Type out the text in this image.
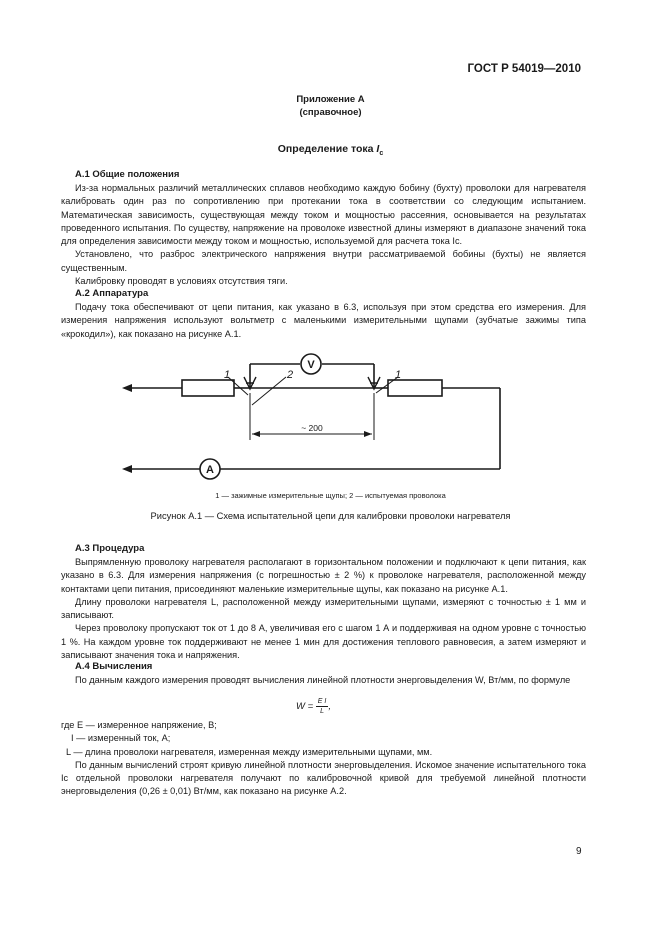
ГОСТ Р 54019—2010
Приложение А
(справочное)
Определение тока $I_с$
А.1 Общие положения

Из-за нормальных различий металлических сплавов необходимо каждую бобину (бухту) проволоки для нагревателя калибровать один раз по сопротивлению при протекании тока в соответствии со следующим испытанием. Математическая зависимость, существующая между током и мощностью рассеяния, основывается на результатах проведенного испытания. По существу, напряжение на проволоке известной длины измеряют в диапазоне значений тока для определения зависимости между током и мощностью, используемой для расчета тока Ic.

Установлено, что разброс электрического напряжения внутри рассматриваемой бобины (бухты) не является существенным.

Калибровку проводят в условиях отсутствия тяги.

А.2 Аппаратура

Подачу тока обеспечивают от цепи питания, как указано в 6.3, используя при этом средства его измерения. Для измерения напряжения используют вольтметр с маленькими измерительными щупами (зубчатые зажимы типа «крокодил»), как показано на рисунке А.1.

V
A
1	2	1
~ 200
1 — зажимные измерительные щупы; 2 — испытуемая проволока
Рисунок А.1 — Схема испытательной цепи для калибровки проволоки нагревателя
А.3 Процедура

Выпрямленную проволоку нагревателя располагают в горизонтальном положении и подключают к цепи питания, как указано в 6.3. Для измерения напряжения (с погрешностью ± 2 %) к проволоке нагревателя, расположенной между контактами цепи питания, присоединяют маленькие измерительные щупы, как показано на рисунке А.1.

Длину проволоки нагревателя L, расположенной между измерительными щупами, измеряют с точностью ± 1 мм и записывают.

Через проволоку пропускают ток от 1 до 8 А, увеличивая его с шагом 1 А и поддерживая на одном уровне с точностью 1 %. На каждом уровне ток поддерживают не менее 1 мин для достижения теплового равновесия, а затем измеряют и записывают значения тока и напряжения.

А.4 Вычисления

По данным каждого измерения проводят вычисления линейной плотности энерговыделения W, Вт/мм, по формуле

$W = \frac{\text{E I}}{L}$,
где E — измеренное напряжение, В;
I — измеренный ток, А;
L — длина проволоки нагревателя, измеренная между измерительными щупами, мм.

По данным вычислений строят кривую линейной плотности энерговыделения. Искомое значение испытательного тока Ic отдельной проволоки нагревателя получают по калибровочной кривой для требуемой линейной плотности энерговыделения (0,26 ± 0,01) Вт/мм, как показано на рисунке А.2.

9
